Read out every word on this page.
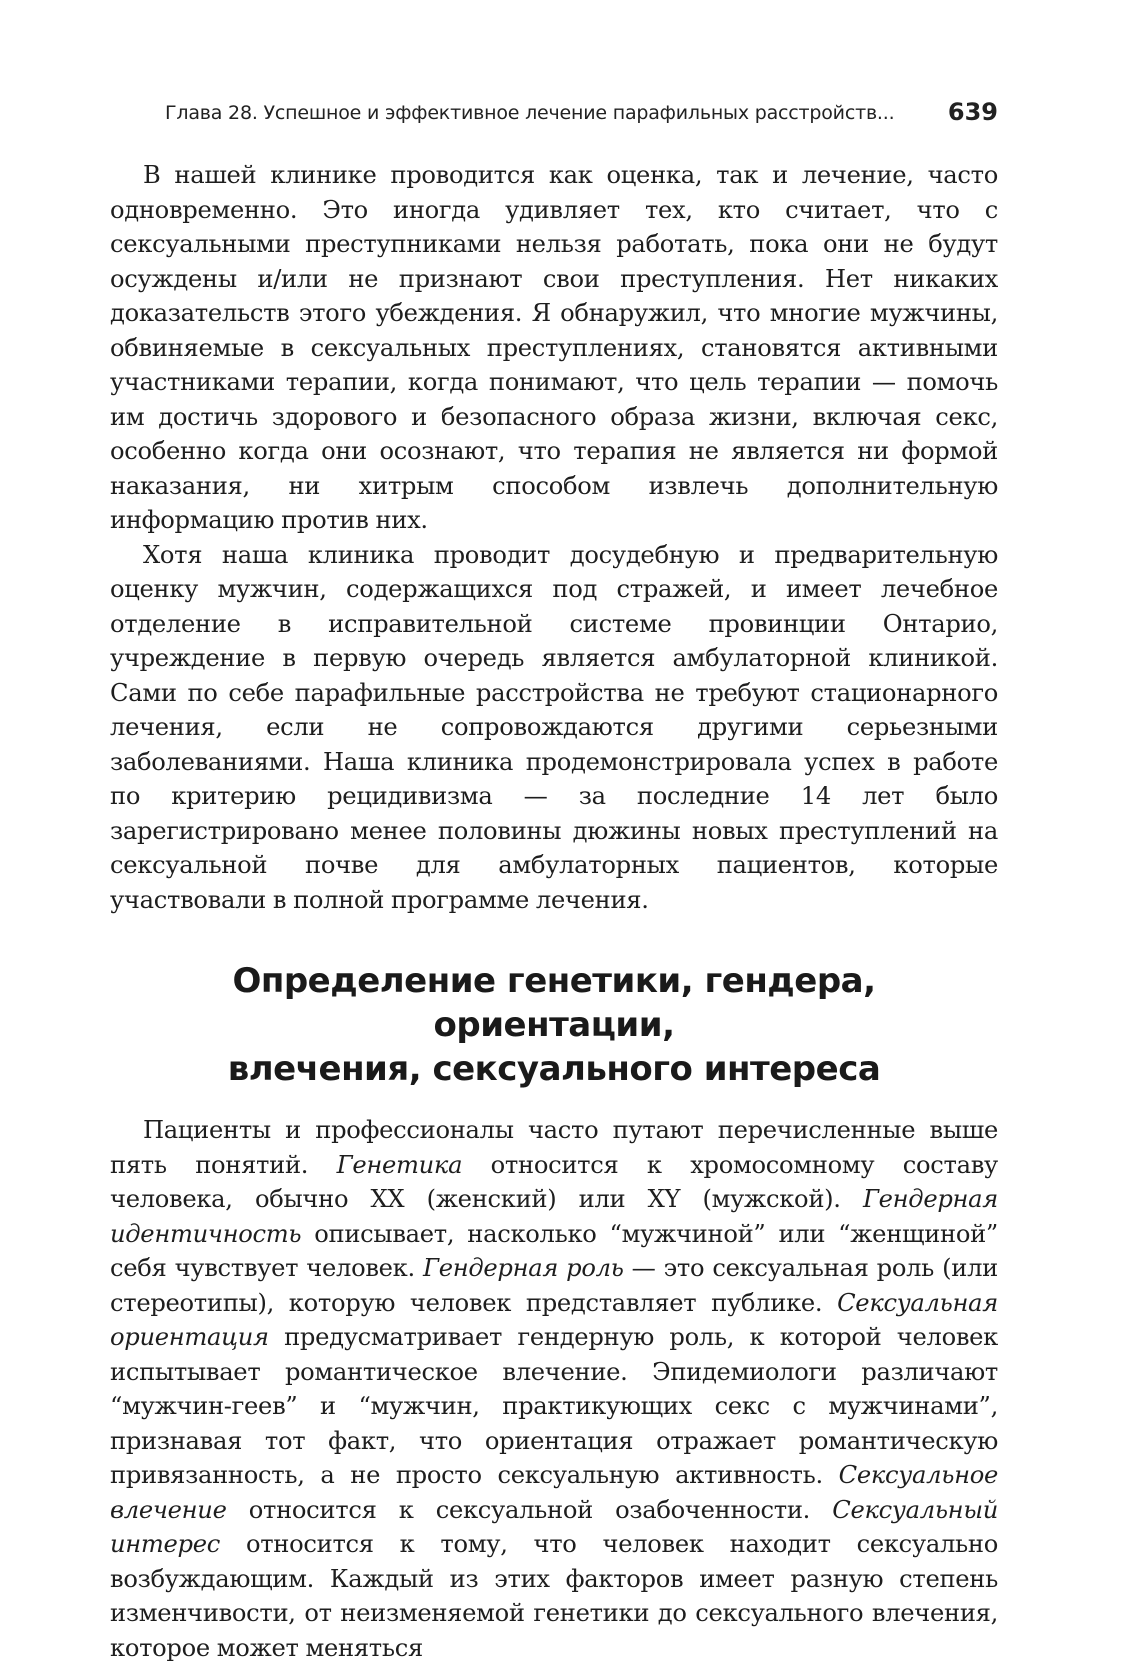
Глава 28. Успешное и эффективное лечение парафильных расстройств... 639

В нашей клинике проводится как оценка, так и лечение, часто одновременно. Это иногда удивляет тех, кто считает, что с сексуальными преступниками нельзя работать, пока они не будут осуждены и/или не признают свои преступления. Нет никаких доказательств этого убеждения. Я обнаружил, что многие мужчины, обвиняемые в сексуальных преступлениях, становятся активными участниками терапии, когда понимают, что цель терапии — помочь им достичь здорового и безопасного образа жизни, включая секс, особенно когда они осознают, что терапия не является ни формой наказания, ни хитрым способом извлечь дополнительную информацию против них.

Хотя наша клиника проводит досудебную и предварительную оценку мужчин, содержащихся под стражей, и имеет лечебное отделение в исправительной системе провинции Онтарио, учреждение в первую очередь является амбулаторной клиникой. Сами по себе парафильные расстройства не требуют стационарного лечения, если не сопровождаются другими серьезными заболеваниями. Наша клиника продемонстрировала успех в работе по критерию рецидивизма — за последние 14 лет было зарегистрировано менее половины дюжины новых преступлений на сексуальной почве для амбулаторных пациентов, которые участвовали в полной программе лечения.

Определение генетики, гендера, ориентации,
влечения, сексуального интереса

Пациенты и профессионалы часто путают перечисленные выше пять понятий. Генетика относится к хромосомному составу человека, обычно XX (женский) или XY (мужской). Гендерная идентичность описывает, насколько “мужчиной” или “женщиной” себя чувствует человек. Гендерная роль — это сексуальная роль (или стереотипы), которую человек представляет публике. Сексуальная ориентация предусматривает гендерную роль, к которой человек испытывает романтическое влечение. Эпидемиологи различают “мужчин-геев” и “мужчин, практикующих секс с мужчинами”, признавая тот факт, что ориентация отражает романтическую привязанность, а не просто сексуальную активность. Сексуальное влечение относится к сексуальной озабоченности. Сексуальный интерес относится к тому, что человек находит сексуально возбуждающим. Каждый из этих факторов имеет разную степень изменчивости, от неизменяемой генетики до сексуального влечения, которое может меняться
